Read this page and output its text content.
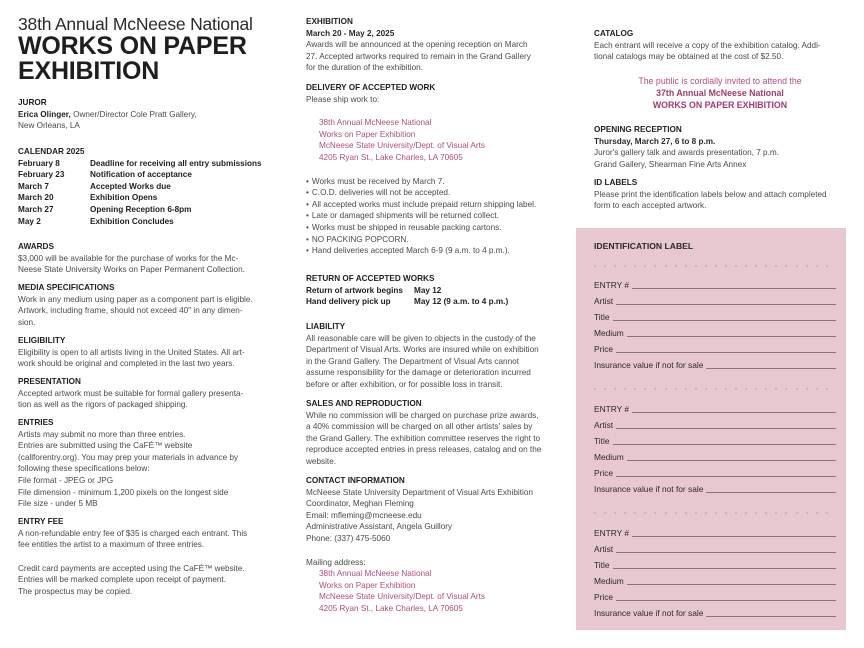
38th Annual McNeese National
WORKS ON PAPER
EXHIBITION
JUROR
Erica Olinger, Owner/Director Cole Pratt Gallery,
New Orleans, LA
CALENDAR 2025
February 8	Deadline for receiving all entry submissions
February 23	Notification of acceptance
March 7	Accepted Works due
March 20	Exhibition Opens
March 27	Opening Reception 6-8pm
May 2	Exhibition Concludes
AWARDS
$3,000 will be available for the purchase of works for the Mc-
Neese State University Works on Paper Permanent Collection.
MEDIA SPECIFICATIONS
Work in any medium using paper as a component part is eligible.
Artwork, including frame, should not exceed 40" in any dimen-
sion.
ELIGIBILITY
Eligibility is open to all artists living in the United States. All art-
work should be original and completed in the last two years.
PRESENTATION
Accepted artwork must be suitable for formal gallery presenta-
tion as well as the rigors of packaged shipping.
ENTRIES
Artists may submit no more than three entries.
Entries are submitted using the CaFÉ™ website
(callforentry.org). You may prep your materials in advance by
following these specifications below:
File format - JPEG or JPG
File dimension - minimum 1,200 pixels on the longest side
File size - under 5 MB
ENTRY FEE
A non-refundable entry fee of $35 is charged each entrant. This
fee entitles the artist to a maximum of three entries.
Credit card payments are accepted using the CaFÉ™ website.
Entries will be marked complete upon receipt of payment.
The prospectus may be copied.
EXHIBITION
March 20 - May 2, 2025
Awards will be announced at the opening reception on March
27. Accepted artworks required to remain in the Grand Gallery
for the duration of the exhibition.
DELIVERY OF ACCEPTED WORK
Please ship work to:
38th Annual McNeese National
Works on Paper Exhibition
McNeese State University/Dept. of Visual Arts
4205 Ryan St., Lake Charles, LA 70605
• Works must be received by March 7.
• C.O.D. deliveries will not be accepted.
• All accepted works must include prepaid return shipping label.
• Late or damaged shipments will be returned collect.
• Works must be shipped in reusable packing cartons.
• NO PACKING POPCORN.
• Hand deliveries accepted March 6-9 (9 a.m. to 4 p.m.).
RETURN OF ACCEPTED WORKS
Return of artwork begins	May 12
Hand delivery pick up	May 12 (9 a.m. to 4 p.m.)
LIABILITY
All reasonable care will be given to objects in the custody of the
Department of Visual Arts. Works are insured while on exhibition
in the Grand Gallery. The Department of Visual Arts cannot
assume responsibility for the damage or deterioration incurred
before or after exhibition, or for possible loss in transit.
SALES AND REPRODUCTION
While no commission will be charged on purchase prize awards,
a 40% commission will be charged on all other artists' sales by
the Grand Gallery. The exhibition committee reserves the right to
reproduce accepted entries in press releases, catalog and on the
website.
CONTACT INFORMATION
McNeese State University Department of Visual Arts Exhibition
Coordinator, Meghan Fleming
Email: mfleming@mcneese.edu
Administrative Assistant, Angela Guillory
Phone: (337) 475-5060
Mailing address:
38th Annual McNeese National
Works on Paper Exhibition
McNeese State University/Dept. of Visual Arts
4205 Ryan St., Lake Charles, LA 70605
CATALOG
Each entrant will receive a copy of the exhibition catalog. Addi-
tional catalogs may be obtained at the cost of $2.50.
The public is cordially invited to attend the
37th Annual McNeese National
WORKS ON PAPER EXHIBITION
OPENING RECEPTION
Thursday, March 27, 6 to 8 p.m.
Juror's gallery talk and awards presentation, 7 p.m.
Grand Gallery, Shearman Fine Arts Annex
ID LABELS
Please print the identification labels below and attach completed
form to each accepted artwork.
IDENTIFICATION LABEL
ENTRY #
Artist
Title
Medium
Price
Insurance value if not for sale
ENTRY #
Artist
Title
Medium
Price
Insurance value if not for sale
ENTRY #
Artist
Title
Medium
Price
Insurance value if not for sale
